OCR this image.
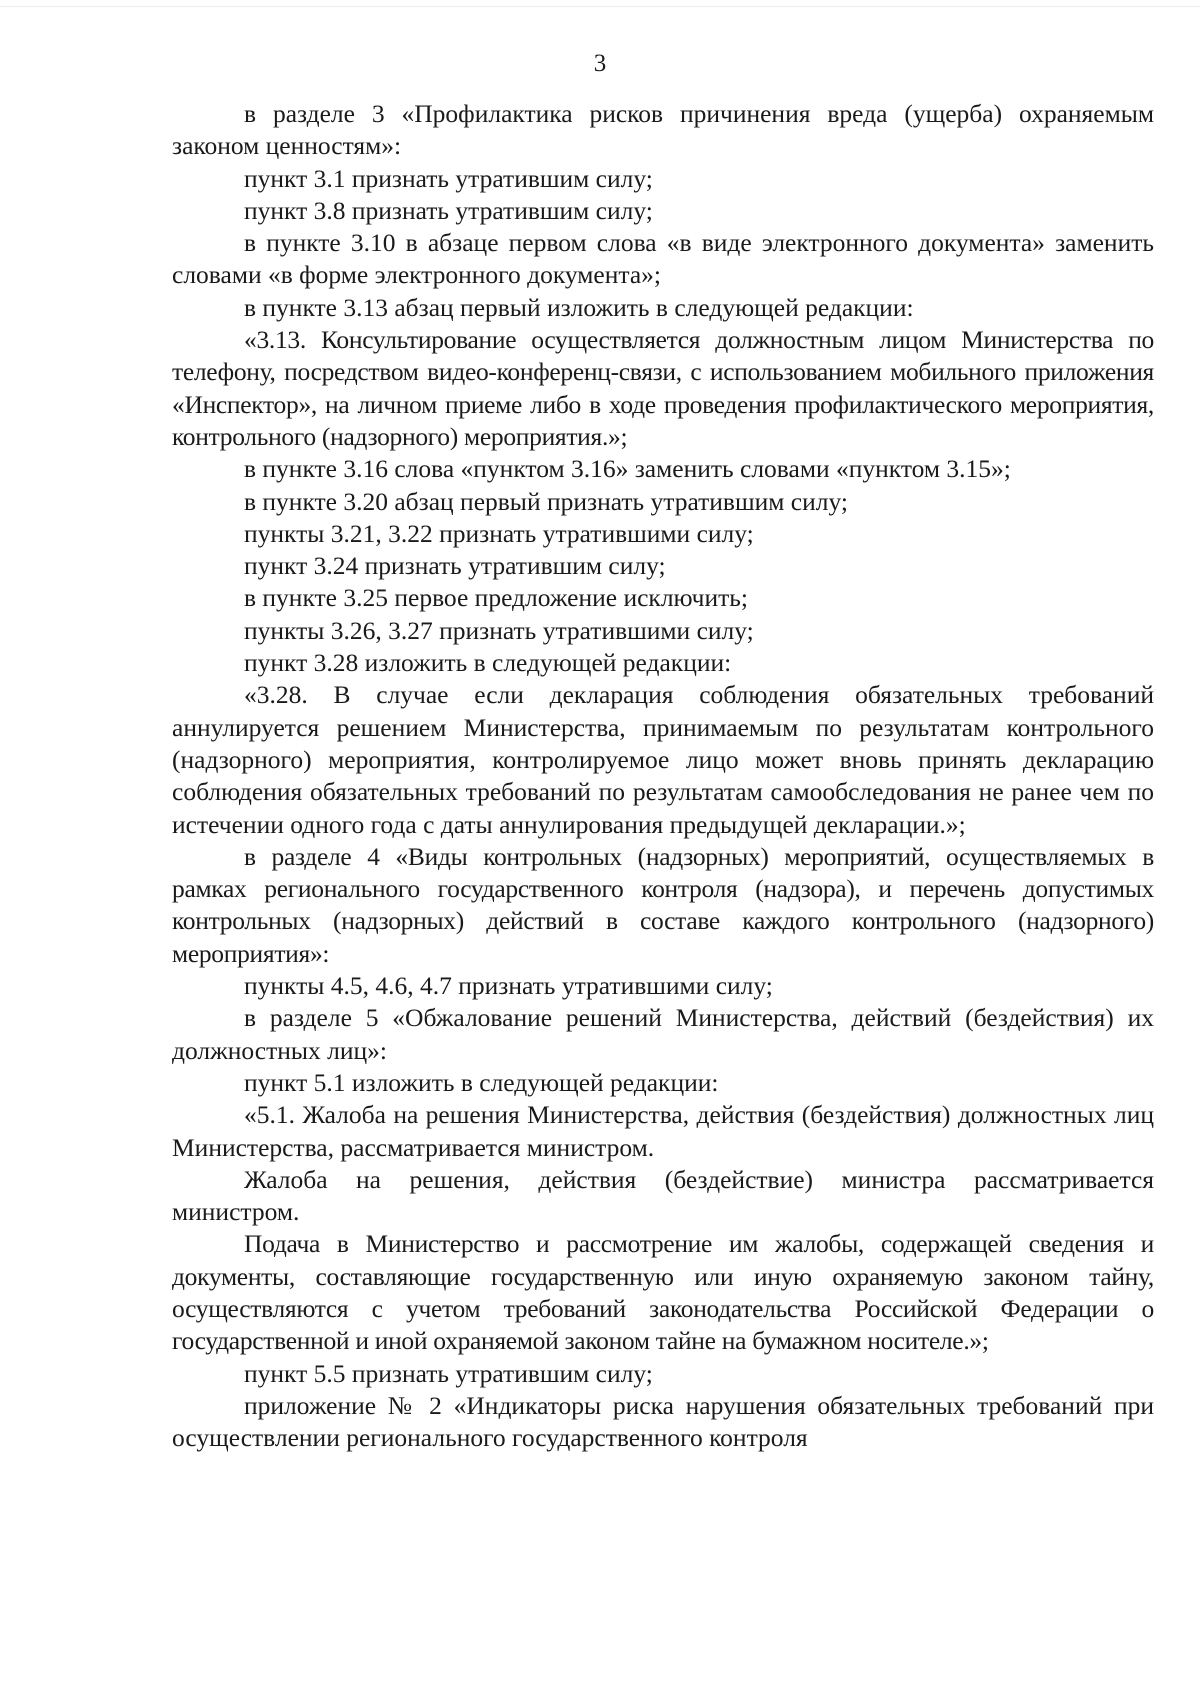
3

в разделе 3 «Профилактика рисков причинения вреда (ущерба) охраняемым законом ценностям»:

пункт 3.1 признать утратившим силу;

пункт 3.8 признать утратившим силу;

в пункте 3.10 в абзаце первом слова «в виде электронного документа» заменить словами «в форме электронного документа»;

в пункте 3.13 абзац первый изложить в следующей редакции:

«3.13. Консультирование осуществляется должностным лицом Министерства по телефону, посредством видео-конференц-связи, с использованием мобильного приложения «Инспектор», на личном приеме либо в ходе проведения профилактического мероприятия, контрольного (надзорного) мероприятия.»;

в пункте 3.16 слова «пунктом 3.16» заменить словами «пунктом 3.15»;

в пункте 3.20 абзац первый признать утратившим силу;

пункты 3.21, 3.22 признать утратившими силу;

пункт 3.24 признать утратившим силу;

в пункте 3.25 первое предложение исключить;

пункты 3.26, 3.27 признать утратившими силу;

пункт 3.28 изложить в следующей редакции:

«3.28. В случае если декларация соблюдения обязательных требований аннулируется решением Министерства, принимаемым по результатам контрольного (надзорного) мероприятия, контролируемое лицо может вновь принять декларацию соблюдения обязательных требований по результатам самообследования не ранее чем по истечении одного года с даты аннулирования предыдущей декларации.»;

в разделе 4 «Виды контрольных (надзорных) мероприятий, осуществляемых в рамках регионального государственного контроля (надзора), и перечень допустимых контрольных (надзорных) действий в составе каждого контрольного (надзорного) мероприятия»:

пункты 4.5, 4.6, 4.7 признать утратившими силу;

в разделе 5 «Обжалование решений Министерства, действий (бездействия) их должностных лиц»:

пункт 5.1 изложить в следующей редакции:

«5.1. Жалоба на решения Министерства, действия (бездействия) должностных лиц Министерства, рассматривается министром.

Жалоба на решения, действия (бездействие) министра рассматривается министром.

Подача в Министерство и рассмотрение им жалобы, содержащей сведения и документы, составляющие государственную или иную охраняемую законом тайну, осуществляются с учетом требований законодательства Российской Федерации о государственной и иной охраняемой законом тайне на бумажном носителе.»;

пункт 5.5 признать утратившим силу;

приложение № 2 «Индикаторы риска нарушения обязательных требований при осуществлении регионального государственного контроля
